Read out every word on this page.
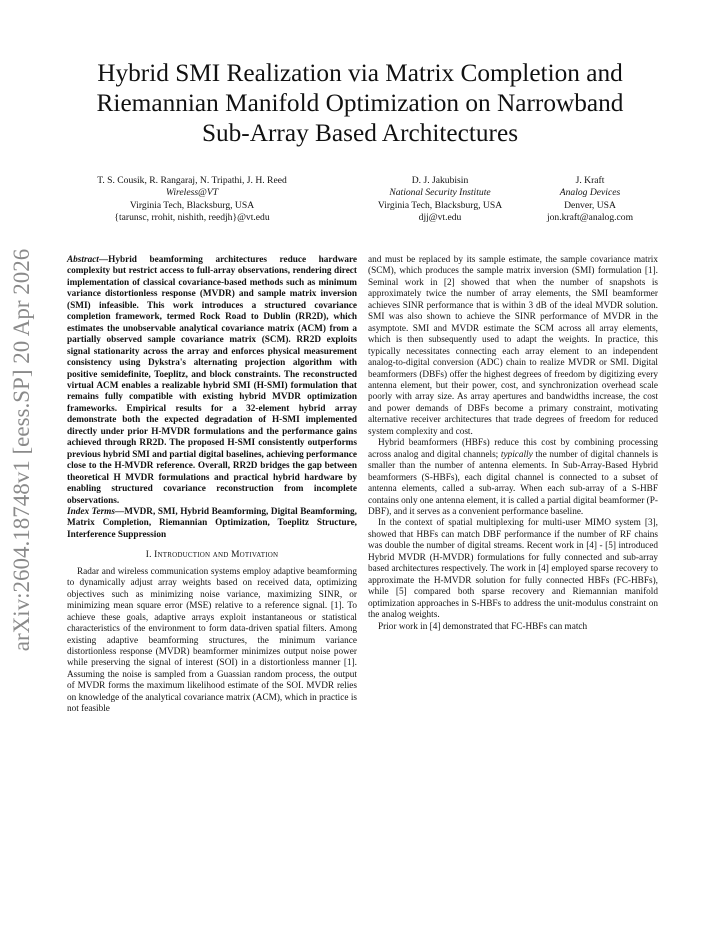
Hybrid SMI Realization via Matrix Completion and
Riemannian Manifold Optimization on Narrowband
Sub-Array Based Architectures
T. S. Cousik, R. Rangaraj, N. Tripathi, J. H. Reed
Wireless@VT
Virginia Tech, Blacksburg, USA
{tarunsc, rrohit, nishith, reedjh}@vt.edu
D. J. Jakubisin
National Security Institute
Virginia Tech, Blacksburg, USA
djj@vt.edu
J. Kraft
Analog Devices
Denver, USA
jon.kraft@analog.com
arXiv:2604.18748v1 [eess.SP] 20 Apr 2026	Abstract—Hybrid beamforming architectures reduce hardware complexity but restrict access to full-array observations, rendering direct implementation of classical covariance-based methods such as minimum variance distortionless response (MVDR) and sample matrix inversion (SMI) infeasible. This work introduces a structured covariance completion framework, termed Rock Road to Dublin (RR2D), which estimates the unobservable analytical covariance matrix (ACM) from a partially observed sample covariance matrix (SCM). RR2D exploits signal stationarity across the array and enforces physical measurement consistency using Dykstra's alternating projection algorithm with positive semidefinite, Toeplitz, and block constraints. The reconstructed virtual ACM enables a realizable hybrid SMI (H-SMI) formulation that remains fully compatible with existing hybrid MVDR optimization frameworks. Empirical results for a 32-element hybrid array demonstrate both the expected degradation of H-SMI implemented directly under prior H-MVDR formulations and the performance gains achieved through RR2D. The proposed H-SMI consistently outperforms previous hybrid SMI and partial digital baselines, achieving performance close to the H-MVDR reference. Overall, RR2D bridges the gap between theoretical H MVDR formulations and practical hybrid hardware by enabling structured covariance reconstruction from incomplete observations.

Index Terms—MVDR, SMI, Hybrid Beamforming, Digital Beamforming, Matrix Completion, Riemannian Optimization, Toeplitz Structure, Interference Suppression

I. Introduction and Motivation

Radar and wireless communication systems employ adaptive beamforming to dynamically adjust array weights based on received data, optimizing objectives such as minimizing noise variance, maximizing SINR, or minimizing mean square error (MSE) relative to a reference signal. [1]. To achieve these goals, adaptive arrays exploit instantaneous or statistical characteristics of the environment to form data-driven spatial filters. Among existing adaptive beamforming structures, the minimum variance distortionless response (MVDR) beamformer minimizes output noise power while preserving the signal of interest (SOI) in a distortionless manner [1]. Assuming the noise is sampled from a Guassian random process, the output of MVDR forms the maximum likelihood estimate of the SOI. MVDR relies on knowledge of the analytical covariance matrix (ACM), which in practice is not feasible

and must be replaced by its sample estimate, the sample covariance matrix (SCM), which produces the sample matrix inversion (SMI) formulation [1]. Seminal work in [2] showed that when the number of snapshots is approximately twice the number of array elements, the SMI beamformer achieves SINR performance that is within 3 dB of the ideal MVDR solution. SMI was also shown to achieve the SINR performance of MVDR in the asymptote. SMI and MVDR estimate the SCM across all array elements, which is then subsequently used to adapt the weights. In practice, this typically necessitates connecting each array element to an independent analog-to-digital conversion (ADC) chain to realize MVDR or SMI. Digital beamformers (DBFs) offer the highest degrees of freedom by digitizing every antenna element, but their power, cost, and synchronization overhead scale poorly with array size. As array apertures and bandwidths increase, the cost and power demands of DBFs become a primary constraint, motivating alternative receiver architectures that trade degrees of freedom for reduced system complexity and cost.

Hybrid beamformers (HBFs) reduce this cost by combining processing across analog and digital channels; typically the number of digital channels is smaller than the number of antenna elements. In Sub-Array-Based Hybrid beamformers (S-HBFs), each digital channel is connected to a subset of antenna elements, called a sub-array. When each sub-array of a S-HBF contains only one antenna element, it is called a partial digital beamformer (P-DBF), and it serves as a convenient performance baseline.

In the context of spatial multiplexing for multi-user MIMO system [3], showed that HBFs can match DBF performance if the number of RF chains was double the number of digital streams. Recent work in [4] - [5] introduced Hybrid MVDR (H-MVDR) formulations for fully connected and sub-array based architectures respectively. The work in [4] employed sparse recovery to approximate the H-MVDR solution for fully connected HBFs (FC-HBFs), while [5] compared both sparse recovery and Riemannian manifold optimization approaches in S-HBFs to address the unit-modulus constraint on the analog weights.

Prior work in [4] demonstrated that FC-HBFs can match
